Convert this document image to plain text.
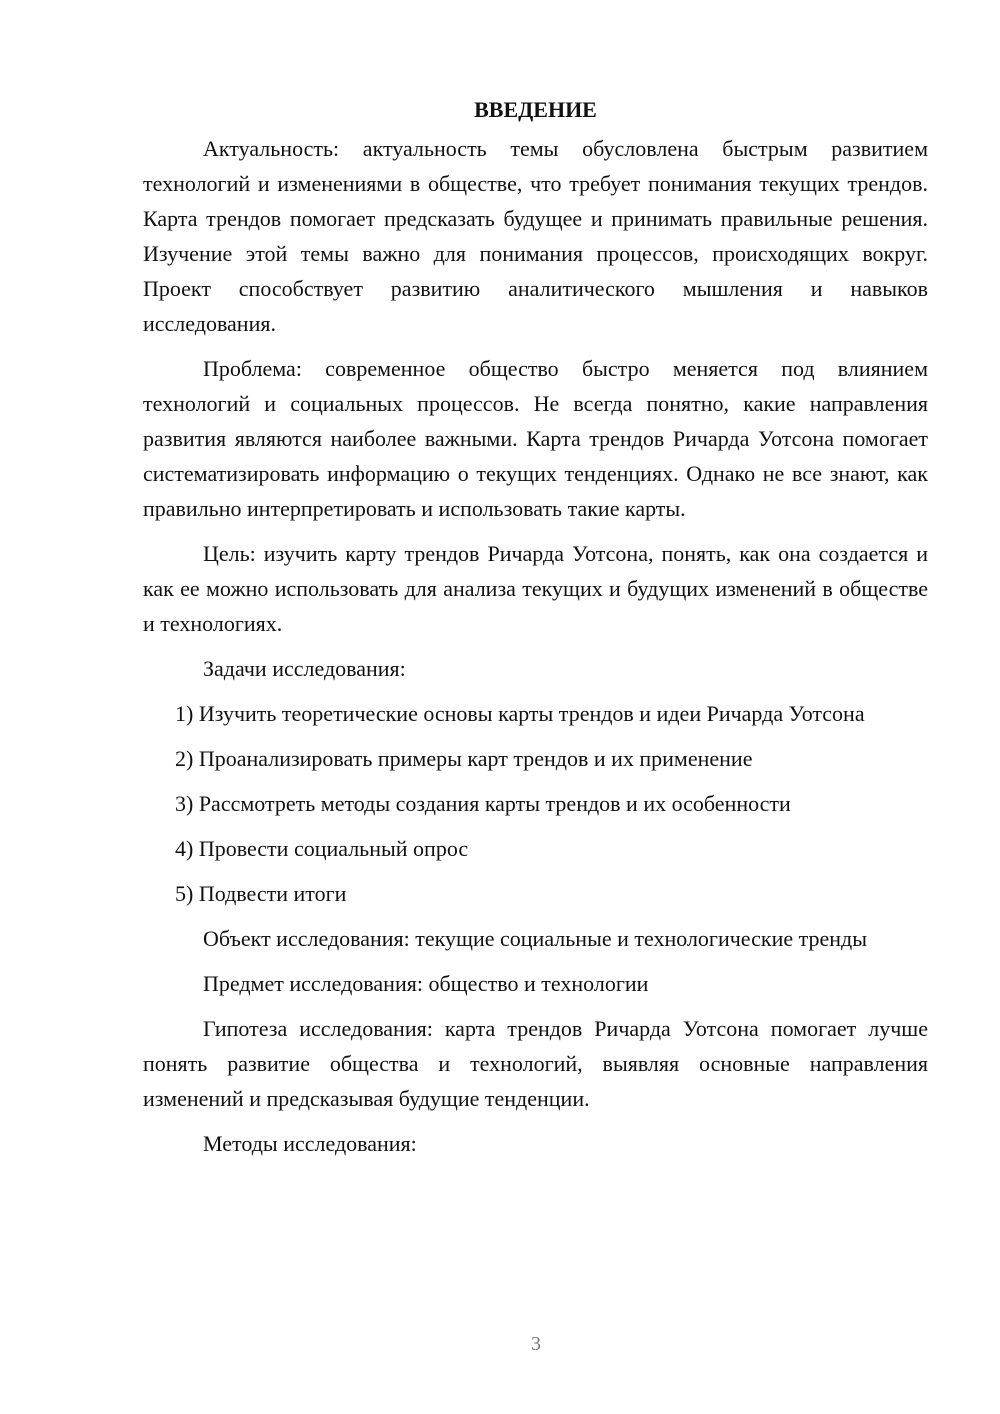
ВВЕДЕНИЕ

Актуальность: актуальность темы обусловлена быстрым развитием технологий и изменениями в обществе, что требует понимания текущих трендов. Карта трендов помогает предсказать будущее и принимать правильные решения. Изучение этой темы важно для понимания процессов, происходящих вокруг. Проект способствует развитию аналитического мышления и навыков исследования.

Проблема: современное общество быстро меняется под влиянием технологий и социальных процессов. Не всегда понятно, какие направления развития являются наиболее важными. Карта трендов Ричарда Уотсона помогает систематизировать информацию о текущих тенденциях. Однако не все знают, как правильно интерпретировать и использовать такие карты.

Цель: изучить карту трендов Ричарда Уотсона, понять, как она создается и как ее можно использовать для анализа текущих и будущих изменений в обществе и технологиях.

Задачи исследования:

1) Изучить теоретические основы карты трендов и идеи Ричарда Уотсона

2) Проанализировать примеры карт трендов и их применение

3) Рассмотреть методы создания карты трендов и их особенности

4) Провести социальный опрос

5) Подвести итоги

Объект исследования: текущие социальные и технологические тренды

Предмет исследования: общество и технологии

Гипотеза исследования: карта трендов Ричарда Уотсона помогает лучше понять развитие общества и технологий, выявляя основные направления изменений и предсказывая будущие тенденции.

Методы исследования:

3
